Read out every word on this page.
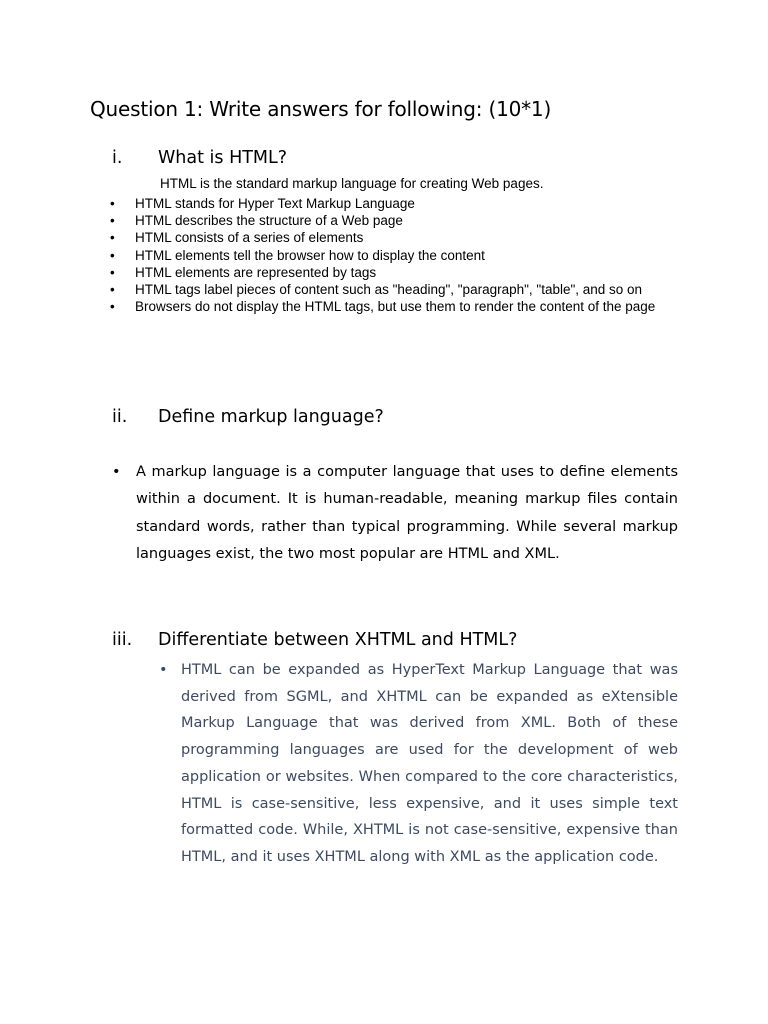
Question 1: Write answers for following: (10*1)
i. What is HTML?
HTML is the standard markup language for creating Web pages.
• HTML stands for Hyper Text Markup Language
• HTML describes the structure of a Web page
• HTML consists of a series of elements
• HTML elements tell the browser how to display the content
• HTML elements are represented by tags
• HTML tags label pieces of content such as "heading", "paragraph", "table", and so on
• Browsers do not display the HTML tags, but use them to render the content of the page
ii. Define markup language?
• A markup language is a computer language that uses to define elements within a document. It is human-readable, meaning markup files contain standard words, rather than typical programming. While several markup languages exist, the two most popular are HTML and XML.
iii. Differentiate between XHTML and HTML?
• HTML can be expanded as HyperText Markup Language that was derived from SGML, and XHTML can be expanded as eXtensible Markup Language that was derived from XML. Both of these programming languages are used for the development of web application or websites. When compared to the core characteristics, HTML is case-sensitive, less expensive, and it uses simple text formatted code. While, XHTML is not case-sensitive, expensive than HTML, and it uses XHTML along with XML as the application code.
